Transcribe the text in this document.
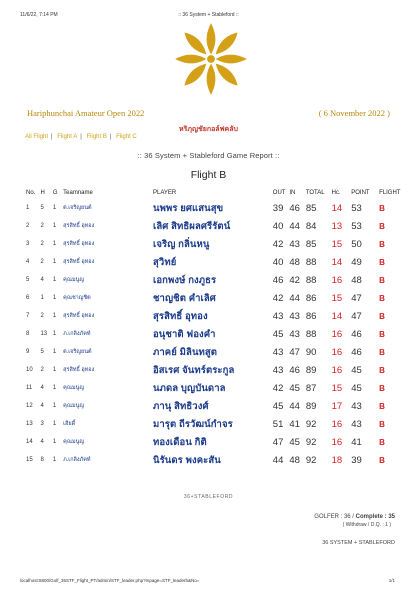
11/6/22, 7:14 PM	:: 36 System + Stableford ::
Hariphunchai Amateur Open 2022	( 6 November 2022 )
หริภุญชัยกอล์ฟคลับ
All Flight | Flight A | Flight B | Flight C
:: 36 System + Stableford Game Report ::
Flight B
No.	H	G	Teamname	PLAYER	OUT	IN	TOTAL	Hc.	POINT	FLIGHT
1	5	1	ต.เจริญยนต์	นพพร ยศแสนสุข	39	46	85	14	53	B
2	2	1	สุรสิทธิ์ อุทอง	เลิศ สิทธิผลศรีรัตน์	40	44	84	13	53	B
3	2	1	สุรสิทธิ์ อุทอง	เจริญ กลิ่นหนู	42	43	85	15	50	B
4	2	1	สุรสิทธิ์ อุทอง	สุวิทย์	40	48	88	14	49	B
5	4	1	คุณมนูญ	เอกพงษ์ กงภูธร	46	42	88	16	48	B
6	1	1	คุณชาญชิต	ชาญชิต คำเลิศ	42	44	86	15	47	B
7	2	1	สุรสิทธิ์ อุทอง	สุรสิทธิ์ อุทอง	43	43	86	14	47	B
8	13	1	ภ.เกลิงภัคท์	อนุชาติ ฟองคำ	45	43	88	16	46	B
9	5	1	ต.เจริญยนต์	ภาคย์ มิลินทสูต	43	47	90	16	46	B
10	2	1	สุรสิทธิ์ อุทอง	อิสเรศ จันทร์ตระกูล	43	46	89	16	45	B
11	4	1	คุณมนูญ	นภดล บุญบันดาล	42	45	87	15	45	B
12	4	1	คุณมนูญ	ภานุ สิทธิวงศ์	45	44	89	17	43	B
13	3	1	เฮียดี้	มารุต ถีรวัฒน์กำจร	51	41	92	16	43	B
14	4	1	คุณมนูญ	ทองเดือน กิติ	47	45	92	16	41	B
15	8	1	ภ.เกลิงภัคท์	นิรันดร พงคะสัน	44	48	92	18	39	B
36+STABLEFORD
GOLFER : 36 / Complete : 35
( Withdraw / D.Q. : 1 )
36 SYSTEM + STABLEFORD
localhost:8800/Golf_36STF_Flight_PT/admin/STF_leader.php?mpage=STF_leaderb&No=	1/1
